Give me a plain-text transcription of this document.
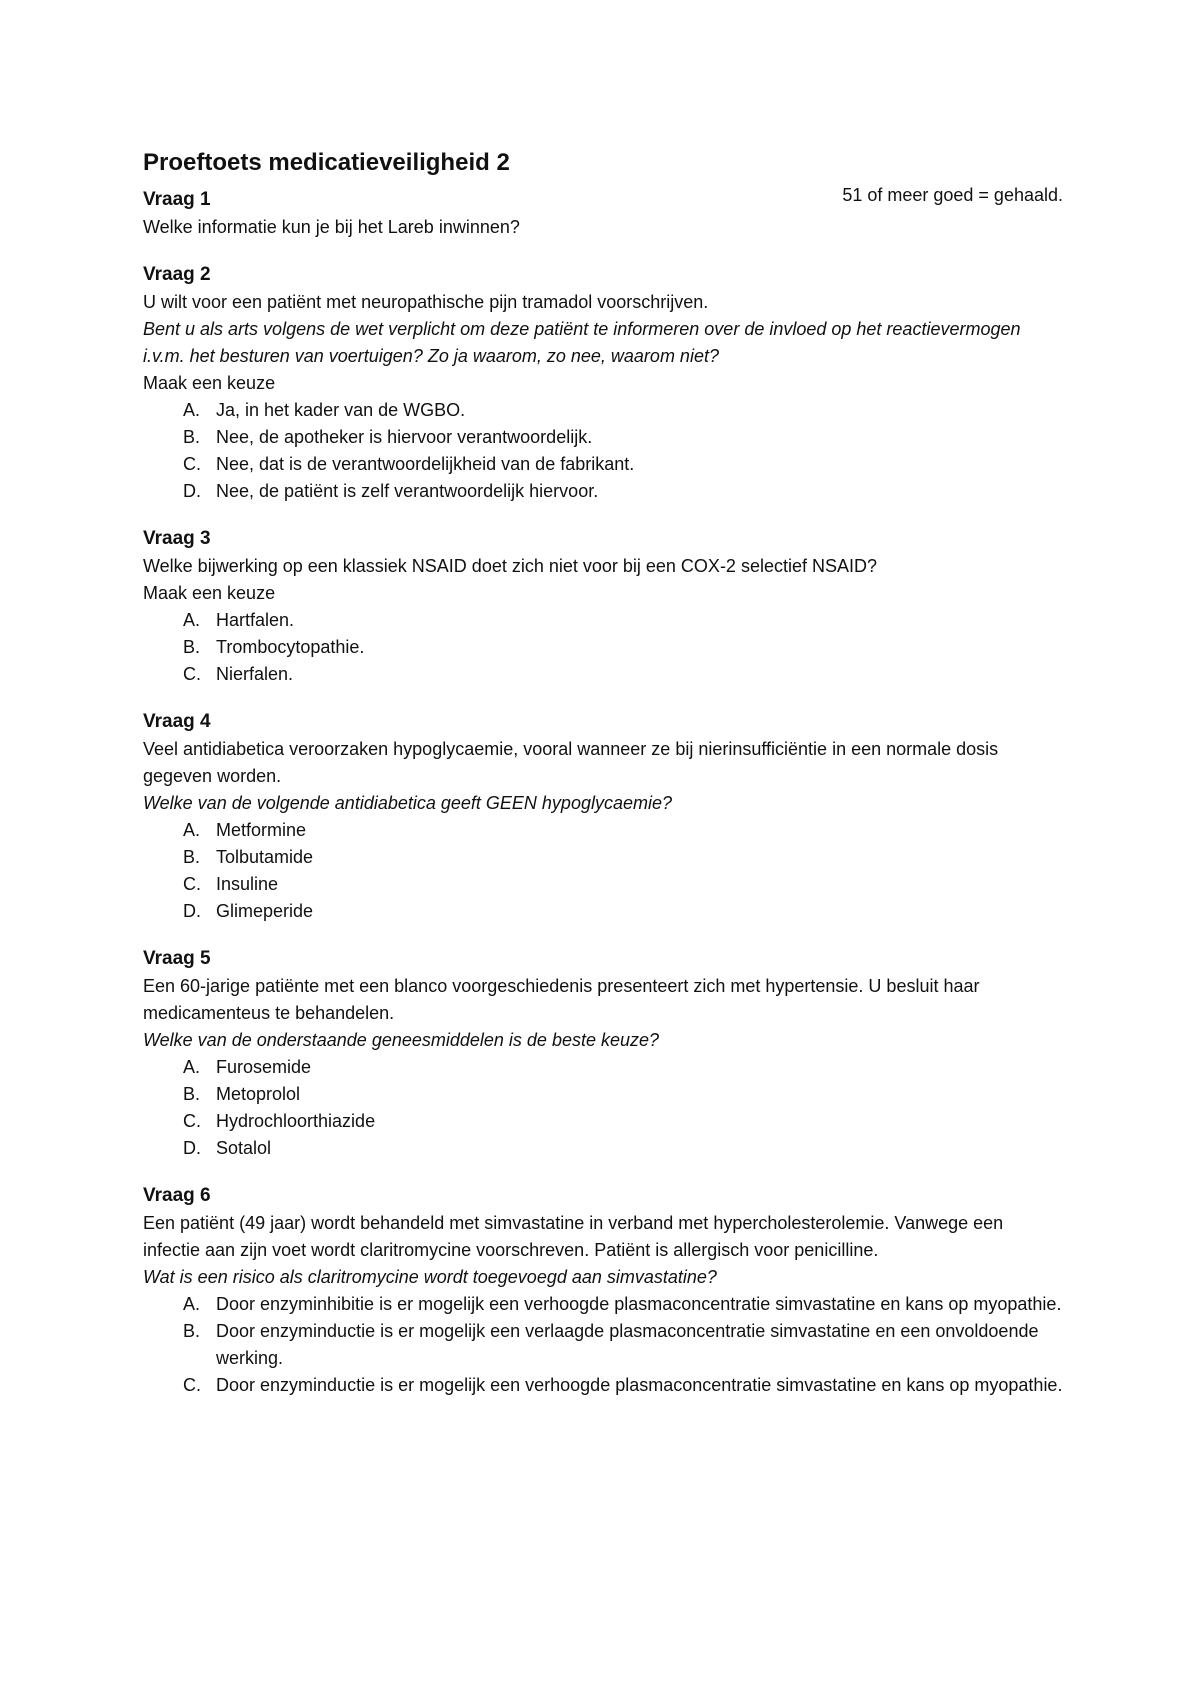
Proeftoets medicatieveiligheid 2
51 of meer goed = gehaald.
Vraag 1
Welke informatie kun je bij het Lareb inwinnen?
Vraag 2
U wilt voor een patiënt met neuropathische pijn tramadol voorschrijven.
Bent u als arts volgens de wet verplicht om deze patiënt te informeren over de invloed op het reactievermogen i.v.m. het besturen van voertuigen? Zo ja waarom, zo nee, waarom niet?
Maak een keuze
A. Ja, in het kader van de WGBO.
B. Nee, de apotheker is hiervoor verantwoordelijk.
C. Nee, dat is de verantwoordelijkheid van de fabrikant.
D. Nee, de patiënt is zelf verantwoordelijk hiervoor.
Vraag 3
Welke bijwerking op een klassiek NSAID doet zich niet voor bij een COX-2 selectief NSAID?
Maak een keuze
A. Hartfalen.
B. Trombocytopathie.
C. Nierfalen.
Vraag 4
Veel antidiabetica veroorzaken hypoglycaemie, vooral wanneer ze bij nierinsufficiëntie in een normale dosis gegeven worden.
Welke van de volgende antidiabetica geeft GEEN hypoglycaemie?
A. Metformine
B. Tolbutamide
C. Insuline
D. Glimeperide
Vraag 5
Een 60-jarige patiënte met een blanco voorgeschiedenis presenteert zich met hypertensie. U besluit haar medicamenteus te behandelen.
Welke van de onderstaande geneesmiddelen is de beste keuze?
A. Furosemide
B. Metoprolol
C. Hydrochloorthiazide
D. Sotalol
Vraag 6
Een patiënt (49 jaar) wordt behandeld met simvastatine in verband met hypercholesterolemie. Vanwege een infectie aan zijn voet wordt claritromycine voorschreven. Patiënt is allergisch voor penicilline.
Wat is een risico als claritromycine wordt toegevoegd aan simvastatine?
A. Door enzyminhibitie is er mogelijk een verhoogde plasmaconcentratie simvastatine en kans op myopathie.
B. Door enzyminductie is er mogelijk een verlaagde plasmaconcentratie simvastatine en een onvoldoende werking.
C. Door enzyminductie is er mogelijk een verhoogde plasmaconcentratie simvastatine en kans op myopathie.
